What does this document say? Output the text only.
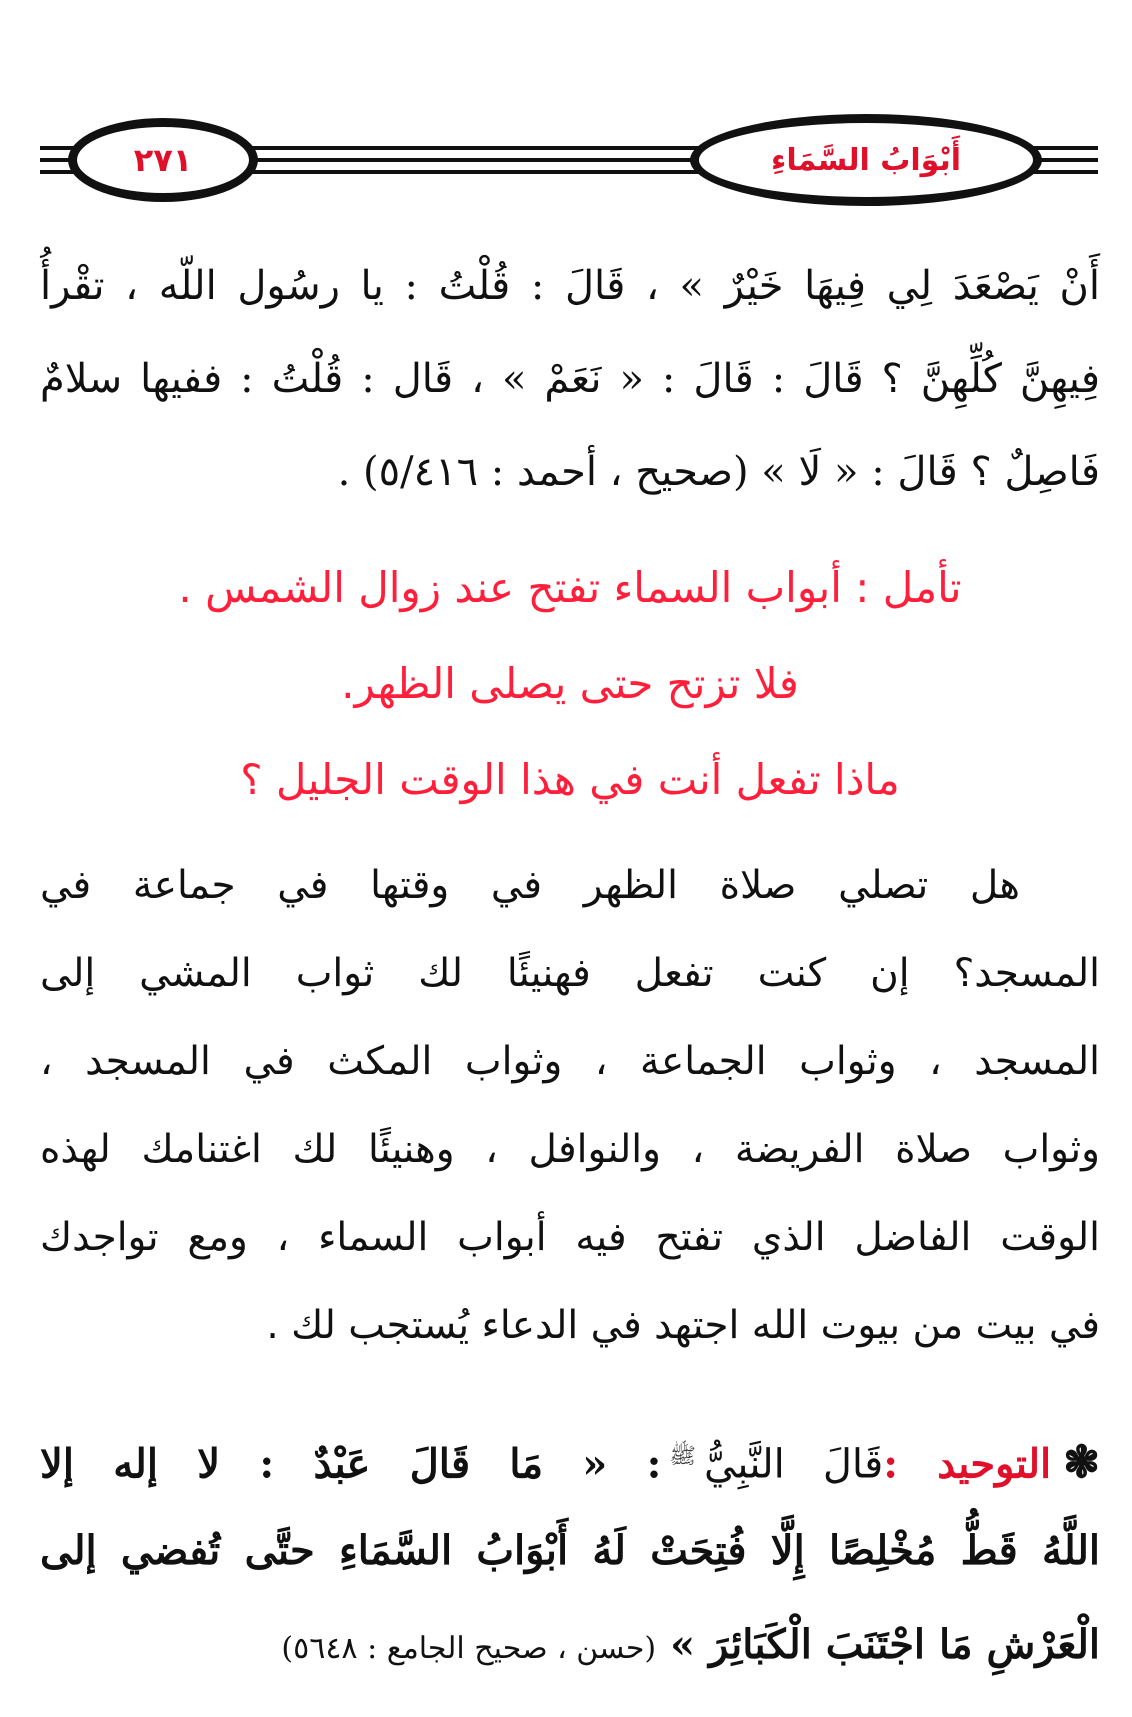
٢٧١	أَبْوَابُ السَّمَاءِ
أَنْ يَصْعَدَ لِي فِيهَا خَيْرٌ » ، قَالَ : قُلْتُ : يا رسُول اللّه ، تقْرأُ
فِيهِنَّ كُلِّهِنَّ ؟ قَالَ : قَالَ : « نَعَمْ » ، قَال : قُلْتُ : ففيها سلامٌ
فَاصِلٌ ؟ قَالَ : « لَا » (صحيح ، أحمد : ٥/٤١٦) .
تأمل : أبواب السماء تفتح عند زوال الشمس .
فلا تزتح حتى يصلى الظهر.
ماذا تفعل أنت في هذا الوقت الجليل ؟
هل تصلي صلاة الظهر في وقتها في جماعة في
المسجد؟ إن كنت تفعل فهنيئًا لك ثواب المشي إلى
المسجد ، وثواب الجماعة ، وثواب المكث في المسجد ،
وثواب صلاة الفريضة ، والنوافل ، وهنيئًا لك اغتنامك لهذه
الوقت الفاضل الذي تفتح فيه أبواب السماء ، ومع تواجدك
في بيت من بيوت الله اجتهد في الدعاء يُستجب لك .
❃التوحيد :قَالَ النَّبِيُّ$^ﷺ$: « مَا قَالَ عَبْدٌ : لا إله إلا
اللَّهُ قَطُّ مُخْلِصًا إِلَّا فُتِحَتْ لَهُ أَبْوَابُ السَّمَاءِ حتَّى تُفضي إلى
الْعَرْشِ مَا اجْتَنَبَ الْكَبَائِرَ » (حسن ، صحيح الجامع : ٥٦٤٨)
